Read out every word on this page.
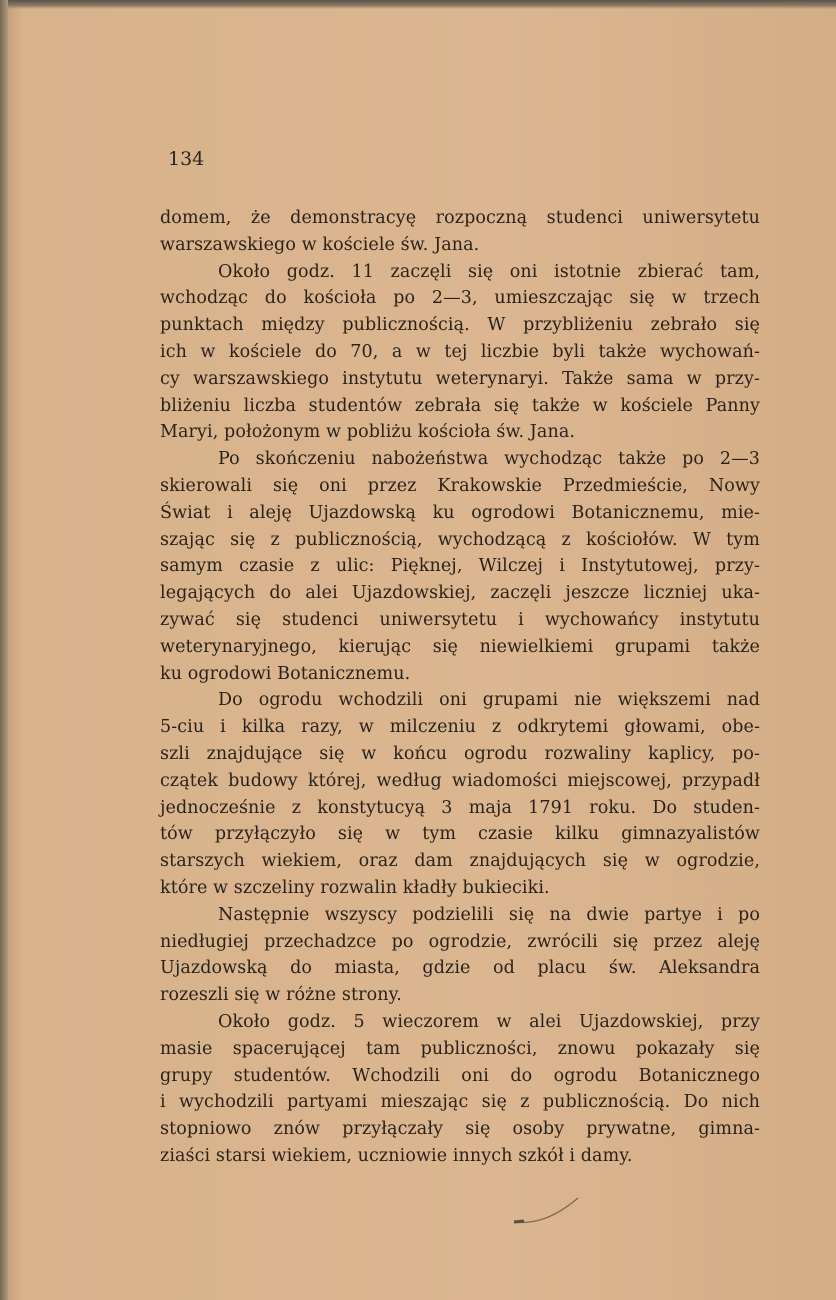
134
domem, że demonstracyę rozpoczną studenci uniwersytetu
warszawskiego w kościele św. Jana.
Około godz. 11 zaczęli się oni istotnie zbierać tam,
wchodząc do kościoła po 2—3, umieszczając się w trzech
punktach między publicznością. W przybliżeniu zebrało się
ich w kościele do 70, a w tej liczbie byli także wychowań-
cy warszawskiego instytutu weterynaryi. Także sama w przy-
bliżeniu liczba studentów zebrała się także w kościele Panny
Maryi, położonym w pobliżu kościoła św. Jana.
Po skończeniu nabożeństwa wychodząc także po 2—3
skierowali się oni przez Krakowskie Przedmieście, Nowy
Świat i aleję Ujazdowską ku ogrodowi Botanicznemu, mie-
szając się z publicznością, wychodzącą z kościołów. W tym
samym czasie z ulic: Pięknej, Wilczej i Instytutowej, przy-
legających do alei Ujazdowskiej, zaczęli jeszcze liczniej uka-
zywać się studenci uniwersytetu i wychowańcy instytutu
weterynaryjnego, kierując się niewielkiemi grupami także
ku ogrodowi Botanicznemu.
Do ogrodu wchodzili oni grupami nie większemi nad
5-ciu i kilka razy, w milczeniu z odkrytemi głowami, obe-
szli znajdujące się w końcu ogrodu rozwaliny kaplicy, po-
czątek budowy której, według wiadomości miejscowej, przypadł
jednocześnie z konstytucyą 3 maja 1791 roku. Do studen-
tów przyłączyło się w tym czasie kilku gimnazyalistów
starszych wiekiem, oraz dam znajdujących się w ogrodzie,
które w szczeliny rozwalin kładły bukieciki.
Następnie wszyscy podzielili się na dwie partye i po
niedługiej przechadzce po ogrodzie, zwrócili się przez aleję
Ujazdowską do miasta, gdzie od placu św. Aleksandra
rozeszli się w różne strony.
Około godz. 5 wieczorem w alei Ujazdowskiej, przy
masie spacerującej tam publiczności, znowu pokazały się
grupy studentów. Wchodzili oni do ogrodu Botanicznego
i wychodzili partyami mieszając się z publicznością. Do nich
stopniowo znów przyłączały się osoby prywatne, gimna-
ziaści starsi wiekiem, uczniowie innych szkół i damy.
